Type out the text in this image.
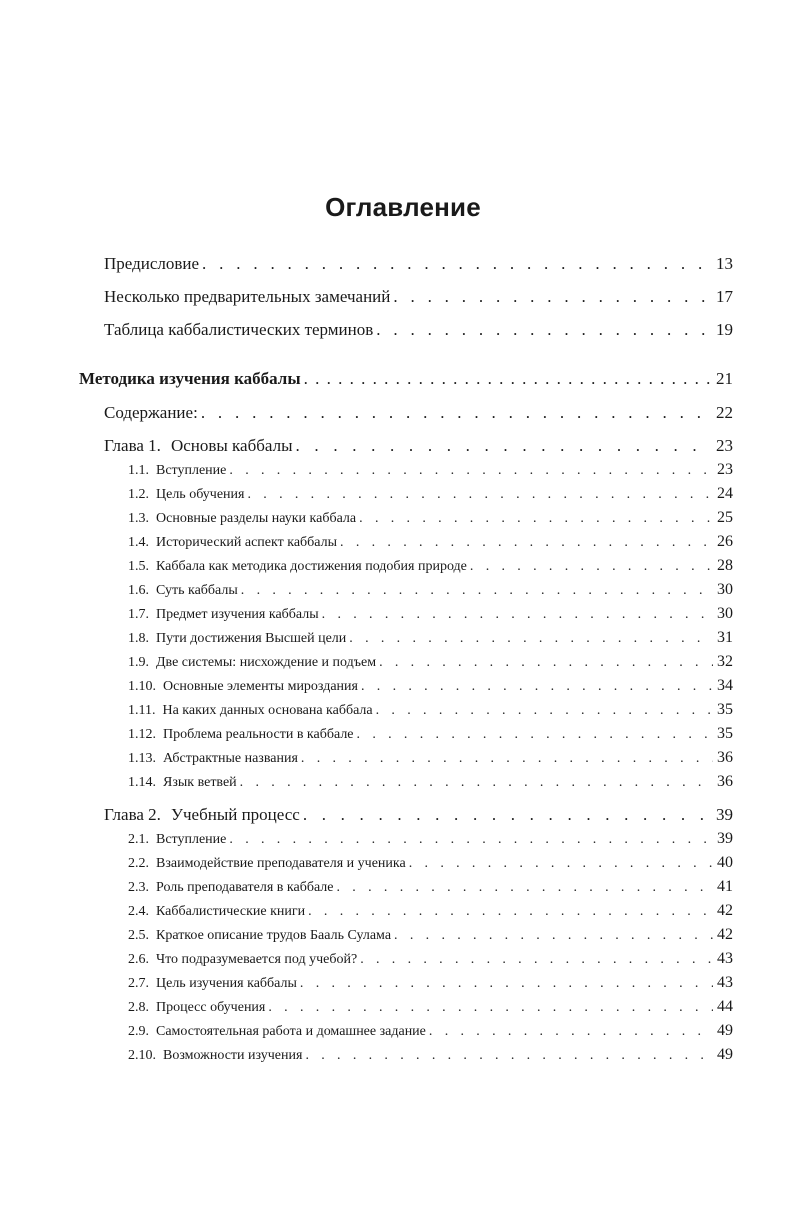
Оглавление
Предисловие . . .	13
Несколько предварительных замечаний . . .	17
Таблица каббалистических терминов . . .	19
Методика изучения каббалы . . .	21
Содержание: . . .	22
Глава 1. Основы каббалы . . .	23
1.1. Вступление . . .	23
1.2. Цель обучения . . .	24
1.3. Основные разделы науки каббала . . .	25
1.4. Исторический аспект каббалы . . .	26
1.5. Каббала как методика достижения подобия природе . . .	28
1.6. Суть каббалы . . .	30
1.7. Предмет изучения каббалы . . .	30
1.8. Пути достижения Высшей цели . . .	31
1.9. Две системы: нисхождение и подъем . . .	32
1.10. Основные элементы мироздания . . .	34
1.11. На каких данных основана каббала . . .	35
1.12. Проблема реальности в каббале . . .	35
1.13. Абстрактные названия . . .	36
1.14. Язык ветвей . . .	36
Глава 2. Учебный процесс . . .	39
2.1. Вступление . . .	39
2.2. Взаимодействие преподавателя и ученика . . .	40
2.3. Роль преподавателя в каббале . . .	41
2.4. Каббалистические книги . . .	42
2.5. Краткое описание трудов Бааль Сулама . . .	42
2.6. Что подразумевается под учебой? . . .	43
2.7. Цель изучения каббалы . . .	43
2.8. Процесс обучения . . .	44
2.9. Самостоятельная работа и домашнее задание . . .	49
2.10. Возможности изучения . . .	49
